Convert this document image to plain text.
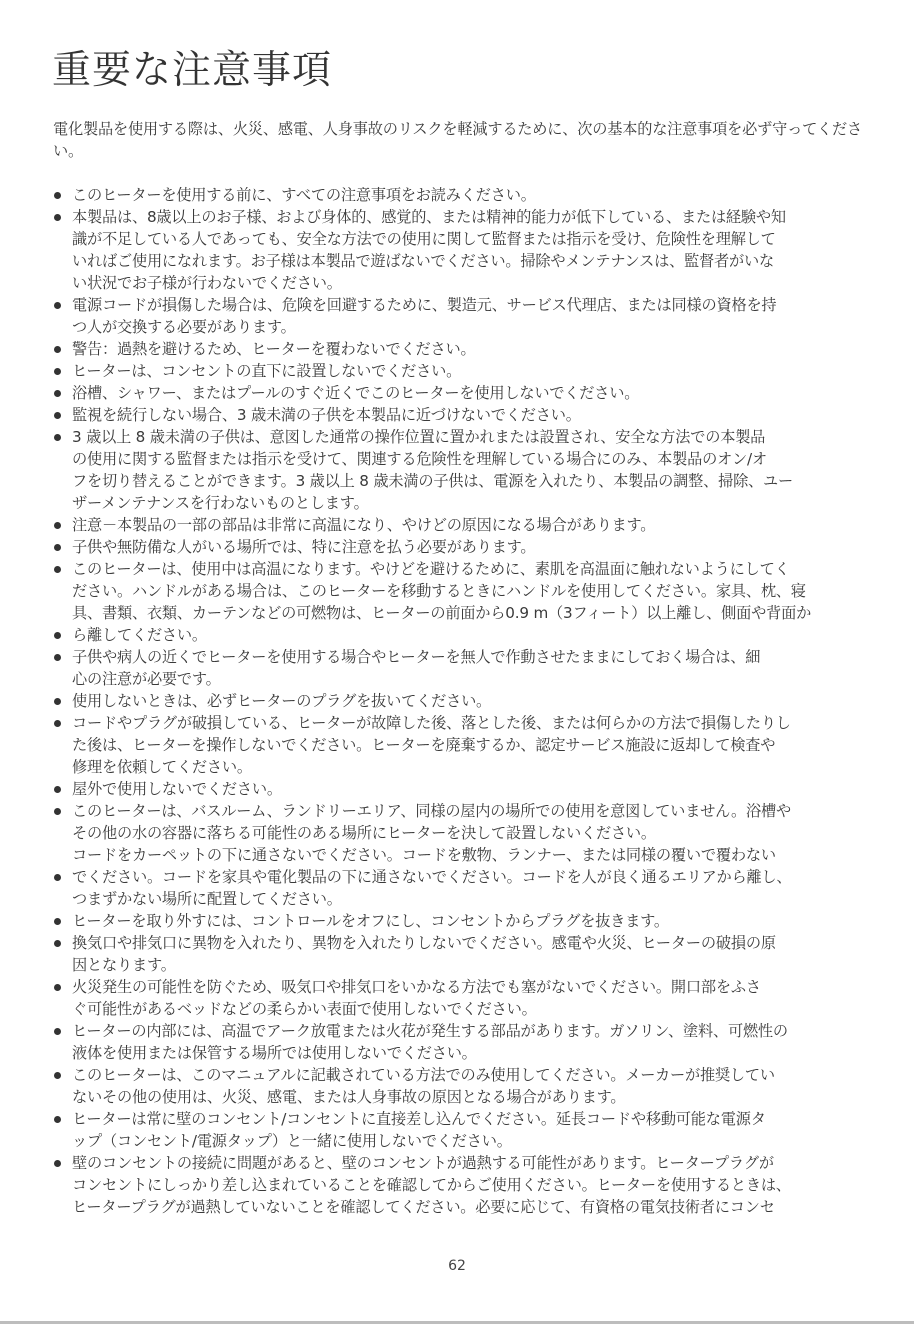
重要な注意事項

電化製品を使用する際は、火災、感電、人身事故のリスクを軽減するために、次の基本的な注意事項を必ず守ってください。

このヒーターを使用する前に、すべての注意事項をお読みください。
本製品は、8歳以上のお子様、および身体的、感覚的、または精神的能力が低下している、または経験や知
識が不足している人であっても、安全な方法での使用に関して監督または指示を受け、危険性を理解して
いればご使用になれます。お子様は本製品で遊ばないでください。掃除やメンテナンスは、監督者がいな
い状況でお子様が行わないでください。
電源コードが損傷した場合は、危険を回避するために、製造元、サービス代理店、または同様の資格を持
つ人が交換する必要があります。
警告：過熱を避けるため、ヒーターを覆わないでください。
ヒーターは、コンセントの直下に設置しないでください。
浴槽、シャワー、またはプールのすぐ近くでこのヒーターを使用しないでください。
監視を続行しない場合、3 歳未満の子供を本製品に近づけないでください。
3 歳以上 8 歳未満の子供は、意図した通常の操作位置に置かれまたは設置され、安全な方法での本製品
の使用に関する監督または指示を受けて、関連する危険性を理解している場合にのみ、本製品のオン/オ
フを切り替えることができます。3 歳以上 8 歳未満の子供は、電源を入れたり、本製品の調整、掃除、ユー
ザーメンテナンスを行わないものとします。
注意－本製品の一部の部品は非常に高温になり、やけどの原因になる場合があります。
子供や無防備な人がいる場所では、特に注意を払う必要があります。
このヒーターは、使用中は高温になります。やけどを避けるために、素肌を高温面に触れないようにしてく
ださい。ハンドルがある場合は、このヒーターを移動するときにハンドルを使用してください。家具、枕、寝
具、書類、衣類、カーテンなどの可燃物は、ヒーターの前面から0.9 m（3フィート）以上離し、側面や背面か
ら離してください。
子供や病人の近くでヒーターを使用する場合やヒーターを無人で作動させたままにしておく場合は、細
心の注意が必要です。
使用しないときは、必ずヒーターのプラグを抜いてください。
コードやプラグが破損している、ヒーターが故障した後、落とした後、または何らかの方法で損傷したりし
た後は、ヒーターを操作しないでください。ヒーターを廃棄するか、認定サービス施設に返却して検査や
修理を依頼してください。
屋外で使用しないでください。
このヒーターは、バスルーム、ランドリーエリア、同様の屋内の場所での使用を意図していません。浴槽や
その他の水の容器に落ちる可能性のある場所にヒーターを決して設置しないください。
コードをカーペットの下に通さないでください。コードを敷物、ランナー、または同様の覆いで覆わない
でください。コードを家具や電化製品の下に通さないでください。コードを人が良く通るエリアから離し、
つまずかない場所に配置してください。
ヒーターを取り外すには、コントロールをオフにし、コンセントからプラグを抜きます。
換気口や排気口に異物を入れたり、異物を入れたりしないでください。感電や火災、ヒーターの破損の原
因となります。
火災発生の可能性を防ぐため、吸気口や排気口をいかなる方法でも塞がないでください。開口部をふさ
ぐ可能性があるベッドなどの柔らかい表面で使用しないでください。
ヒーターの内部には、高温でアーク放電または火花が発生する部品があります。ガソリン、塗料、可燃性の
液体を使用または保管する場所では使用しないでください。
このヒーターは、このマニュアルに記載されている方法でのみ使用してください。メーカーが推奨してい
ないその他の使用は、火災、感電、または人身事故の原因となる場合があります。
ヒーターは常に壁のコンセント/コンセントに直接差し込んでください。延長コードや移動可能な電源タ
ップ（コンセント/電源タップ）と一緒に使用しないでください。
壁のコンセントの接続に問題があると、壁のコンセントが過熱する可能性があります。ヒータープラグが
コンセントにしっかり差し込まれていることを確認してからご使用ください。ヒーターを使用するときは、
ヒータープラグが過熱していないことを確認してください。必要に応じて、有資格の電気技術者にコンセ
62
